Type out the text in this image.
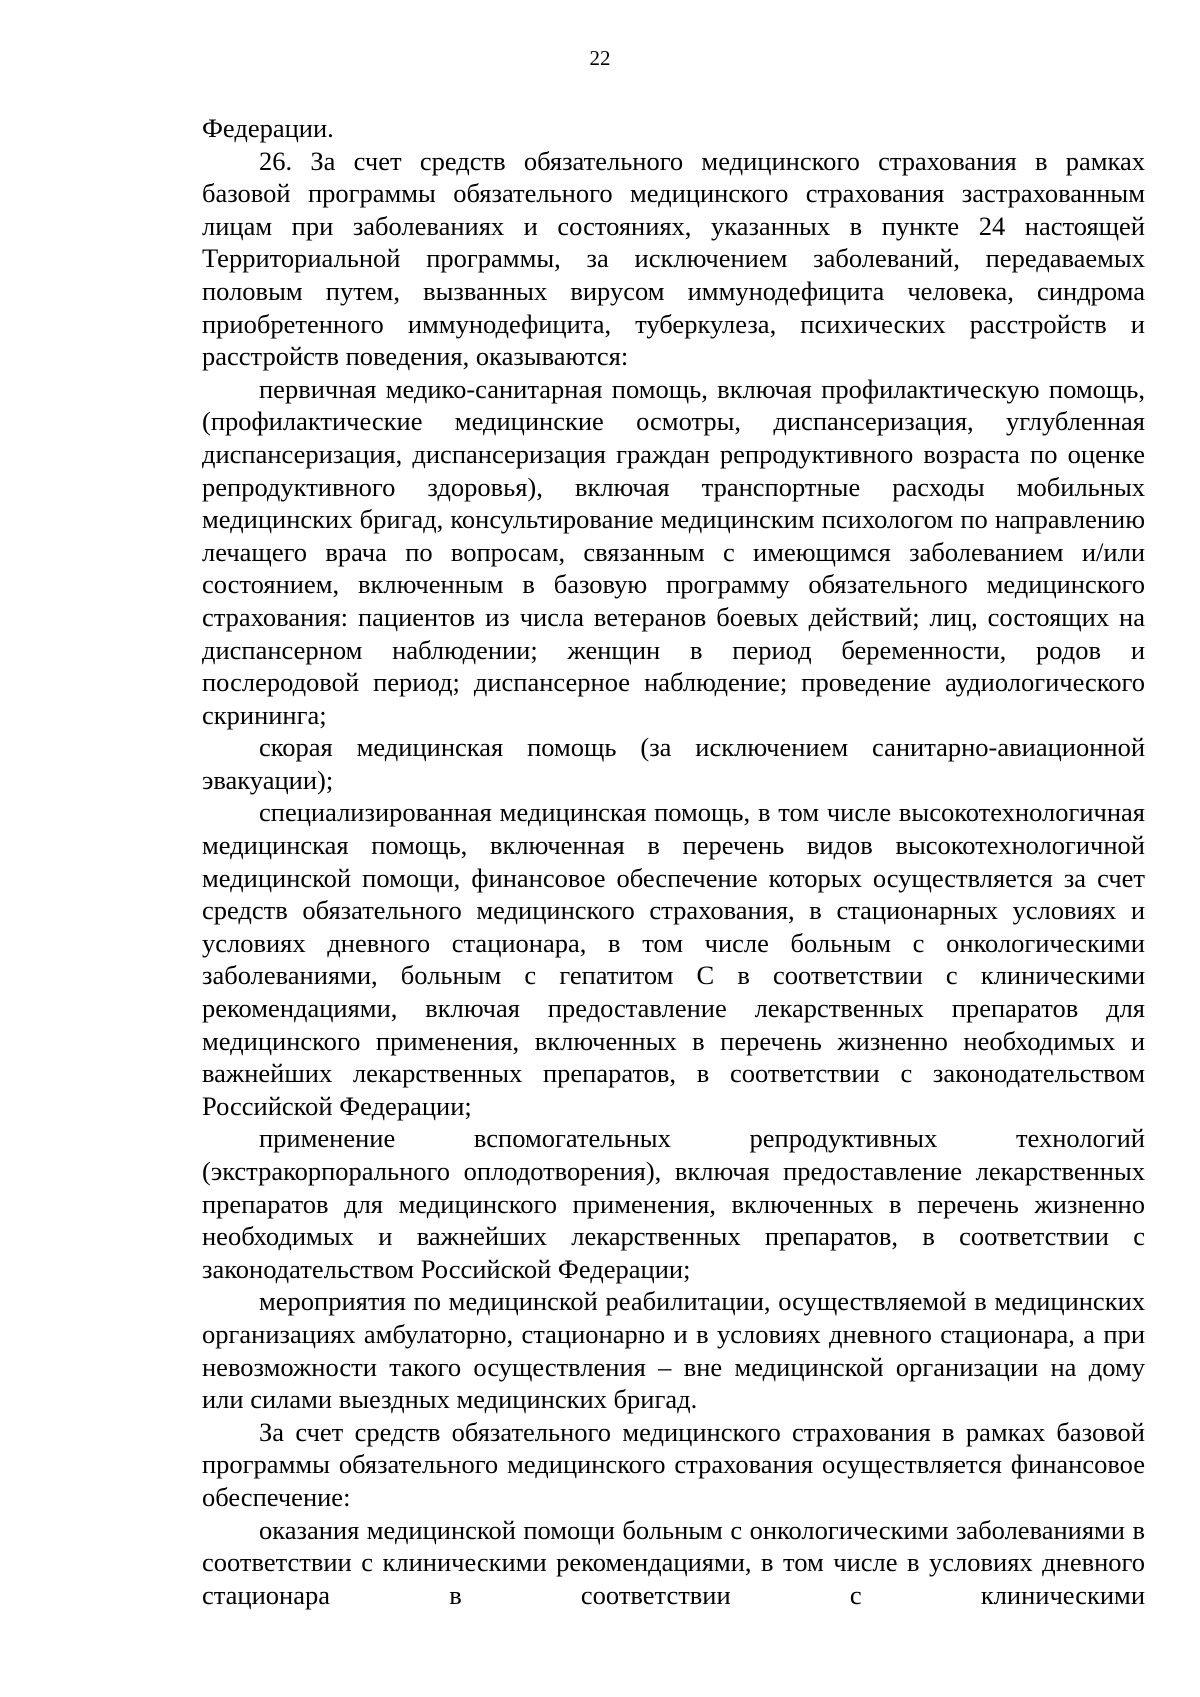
22

Федерации.

26. За счет средств обязательного медицинского страхования в рамках базовой программы обязательного медицинского страхования застрахованным лицам при заболеваниях и состояниях, указанных в пункте 24 настоящей Территориальной программы, за исключением заболеваний, передаваемых половым путем, вызванных вирусом иммунодефицита человека, синдрома приобретенного иммунодефицита, туберкулеза, психических расстройств и расстройств поведения, оказываются:

первичная медико-санитарная помощь, включая профилактическую помощь, (профилактические медицинские осмотры, диспансеризация, углубленная диспансеризация, диспансеризация граждан репродуктивного возраста по оценке репродуктивного здоровья), включая транспортные расходы мобильных медицинских бригад, консультирование медицинским психологом по направлению лечащего врача по вопросам, связанным с имеющимся заболеванием и/или состоянием, включенным в базовую программу обязательного медицинского страхования: пациентов из числа ветеранов боевых действий; лиц, состоящих на диспансерном наблюдении; женщин в период беременности, родов и послеродовой период; диспансерное наблюдение; проведение аудиологического скрининга;

скорая медицинская помощь (за исключением санитарно-авиационной эвакуации);

специализированная медицинская помощь, в том числе высокотехнологичная медицинская помощь, включенная в перечень видов высокотехнологичной медицинской помощи, финансовое обеспечение которых осуществляется за счет средств обязательного медицинского страхования, в стационарных условиях и условиях дневного стационара, в том числе больным с онкологическими заболеваниями, больным с гепатитом С в соответствии с клиническими рекомендациями, включая предоставление лекарственных препаратов для медицинского применения, включенных в перечень жизненно необходимых и важнейших лекарственных препаратов, в соответствии с законодательством Российской Федерации;

применение вспомогательных репродуктивных технологий (экстракорпорального оплодотворения), включая предоставление лекарственных препаратов для медицинского применения, включенных в перечень жизненно необходимых и важнейших лекарственных препаратов, в соответствии с законодательством Российской Федерации;

мероприятия по медицинской реабилитации, осуществляемой в медицинских организациях амбулаторно, стационарно и в условиях дневного стационара, а при невозможности такого осуществления – вне медицинской организации на дому или силами выездных медицинских бригад.

За счет средств обязательного медицинского страхования в рамках базовой программы обязательного медицинского страхования осуществляется финансовое обеспечение:

оказания медицинской помощи больным с онкологическими заболеваниями в соответствии с клиническими рекомендациями, в том числе в условиях дневного стационара в соответствии с клиническими
